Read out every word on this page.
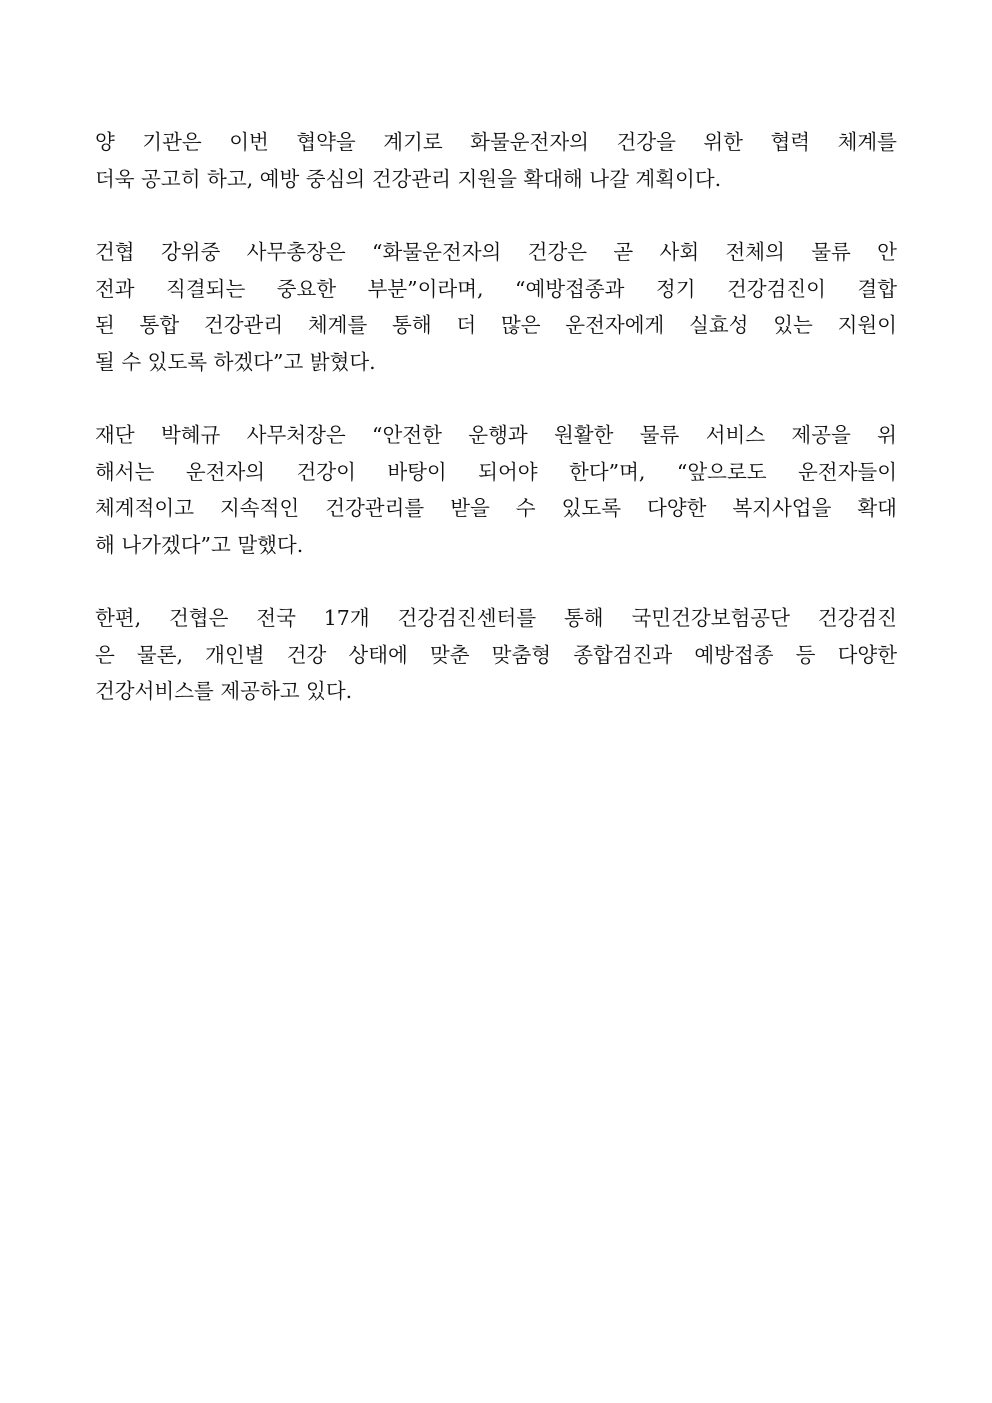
양 기관은 이번 협약을 계기로 화물운전자의 건강을 위한 협력 체계를
더욱 공고히 하고, 예방 중심의 건강관리 지원을 확대해 나갈 계획이다.

건협 강위중 사무총장은 “화물운전자의 건강은 곧 사회 전체의 물류 안
전과 직결되는 중요한 부분”이라며, “예방접종과 정기 건강검진이 결합
된 통합 건강관리 체계를 통해 더 많은 운전자에게 실효성 있는 지원이
될 수 있도록 하겠다”고 밝혔다.

재단 박혜규 사무처장은 “안전한 운행과 원활한 물류 서비스 제공을 위
해서는 운전자의 건강이 바탕이 되어야 한다”며, “앞으로도 운전자들이
체계적이고 지속적인 건강관리를 받을 수 있도록 다양한 복지사업을 확대
해 나가겠다”고 말했다.

한편, 건협은 전국 17개 건강검진센터를 통해 국민건강보험공단 건강검진
은 물론, 개인별 건강 상태에 맞춘 맞춤형 종합검진과 예방접종 등 다양한
건강서비스를 제공하고 있다.
